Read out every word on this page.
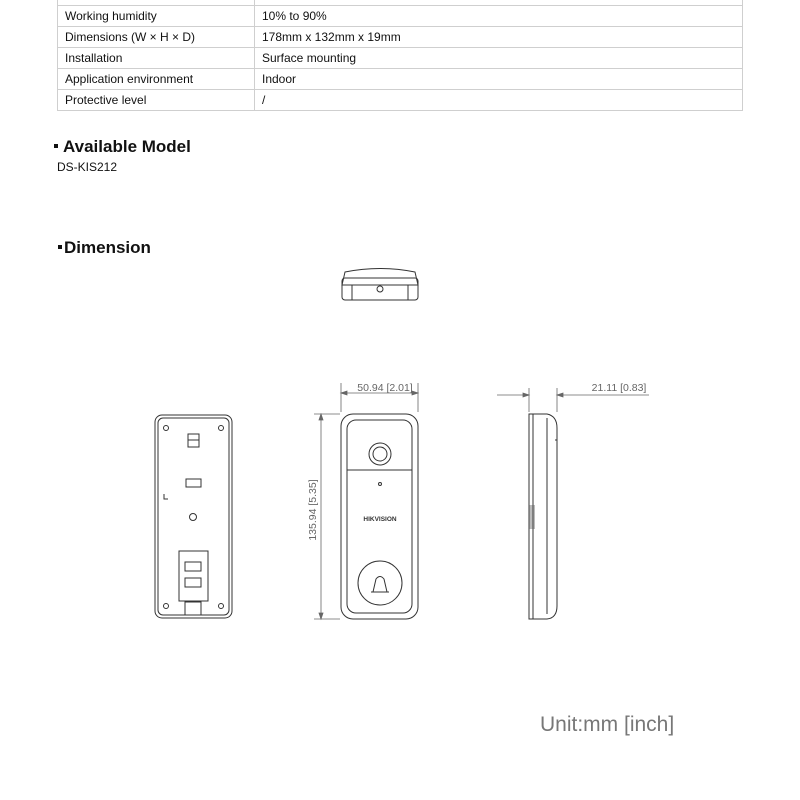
Working humidity	10% to 90%
Dimensions (W × H × D)	178mm x 132mm x 19mm
Installation	Surface mounting
Application environment	Indoor
Protective level	/
Available Model
DS-KIS212
Dimension
HIKVISION
50.94 [2.01]
135.94 [5.35]
21.11 [0.83]
Unit:mm [inch]
